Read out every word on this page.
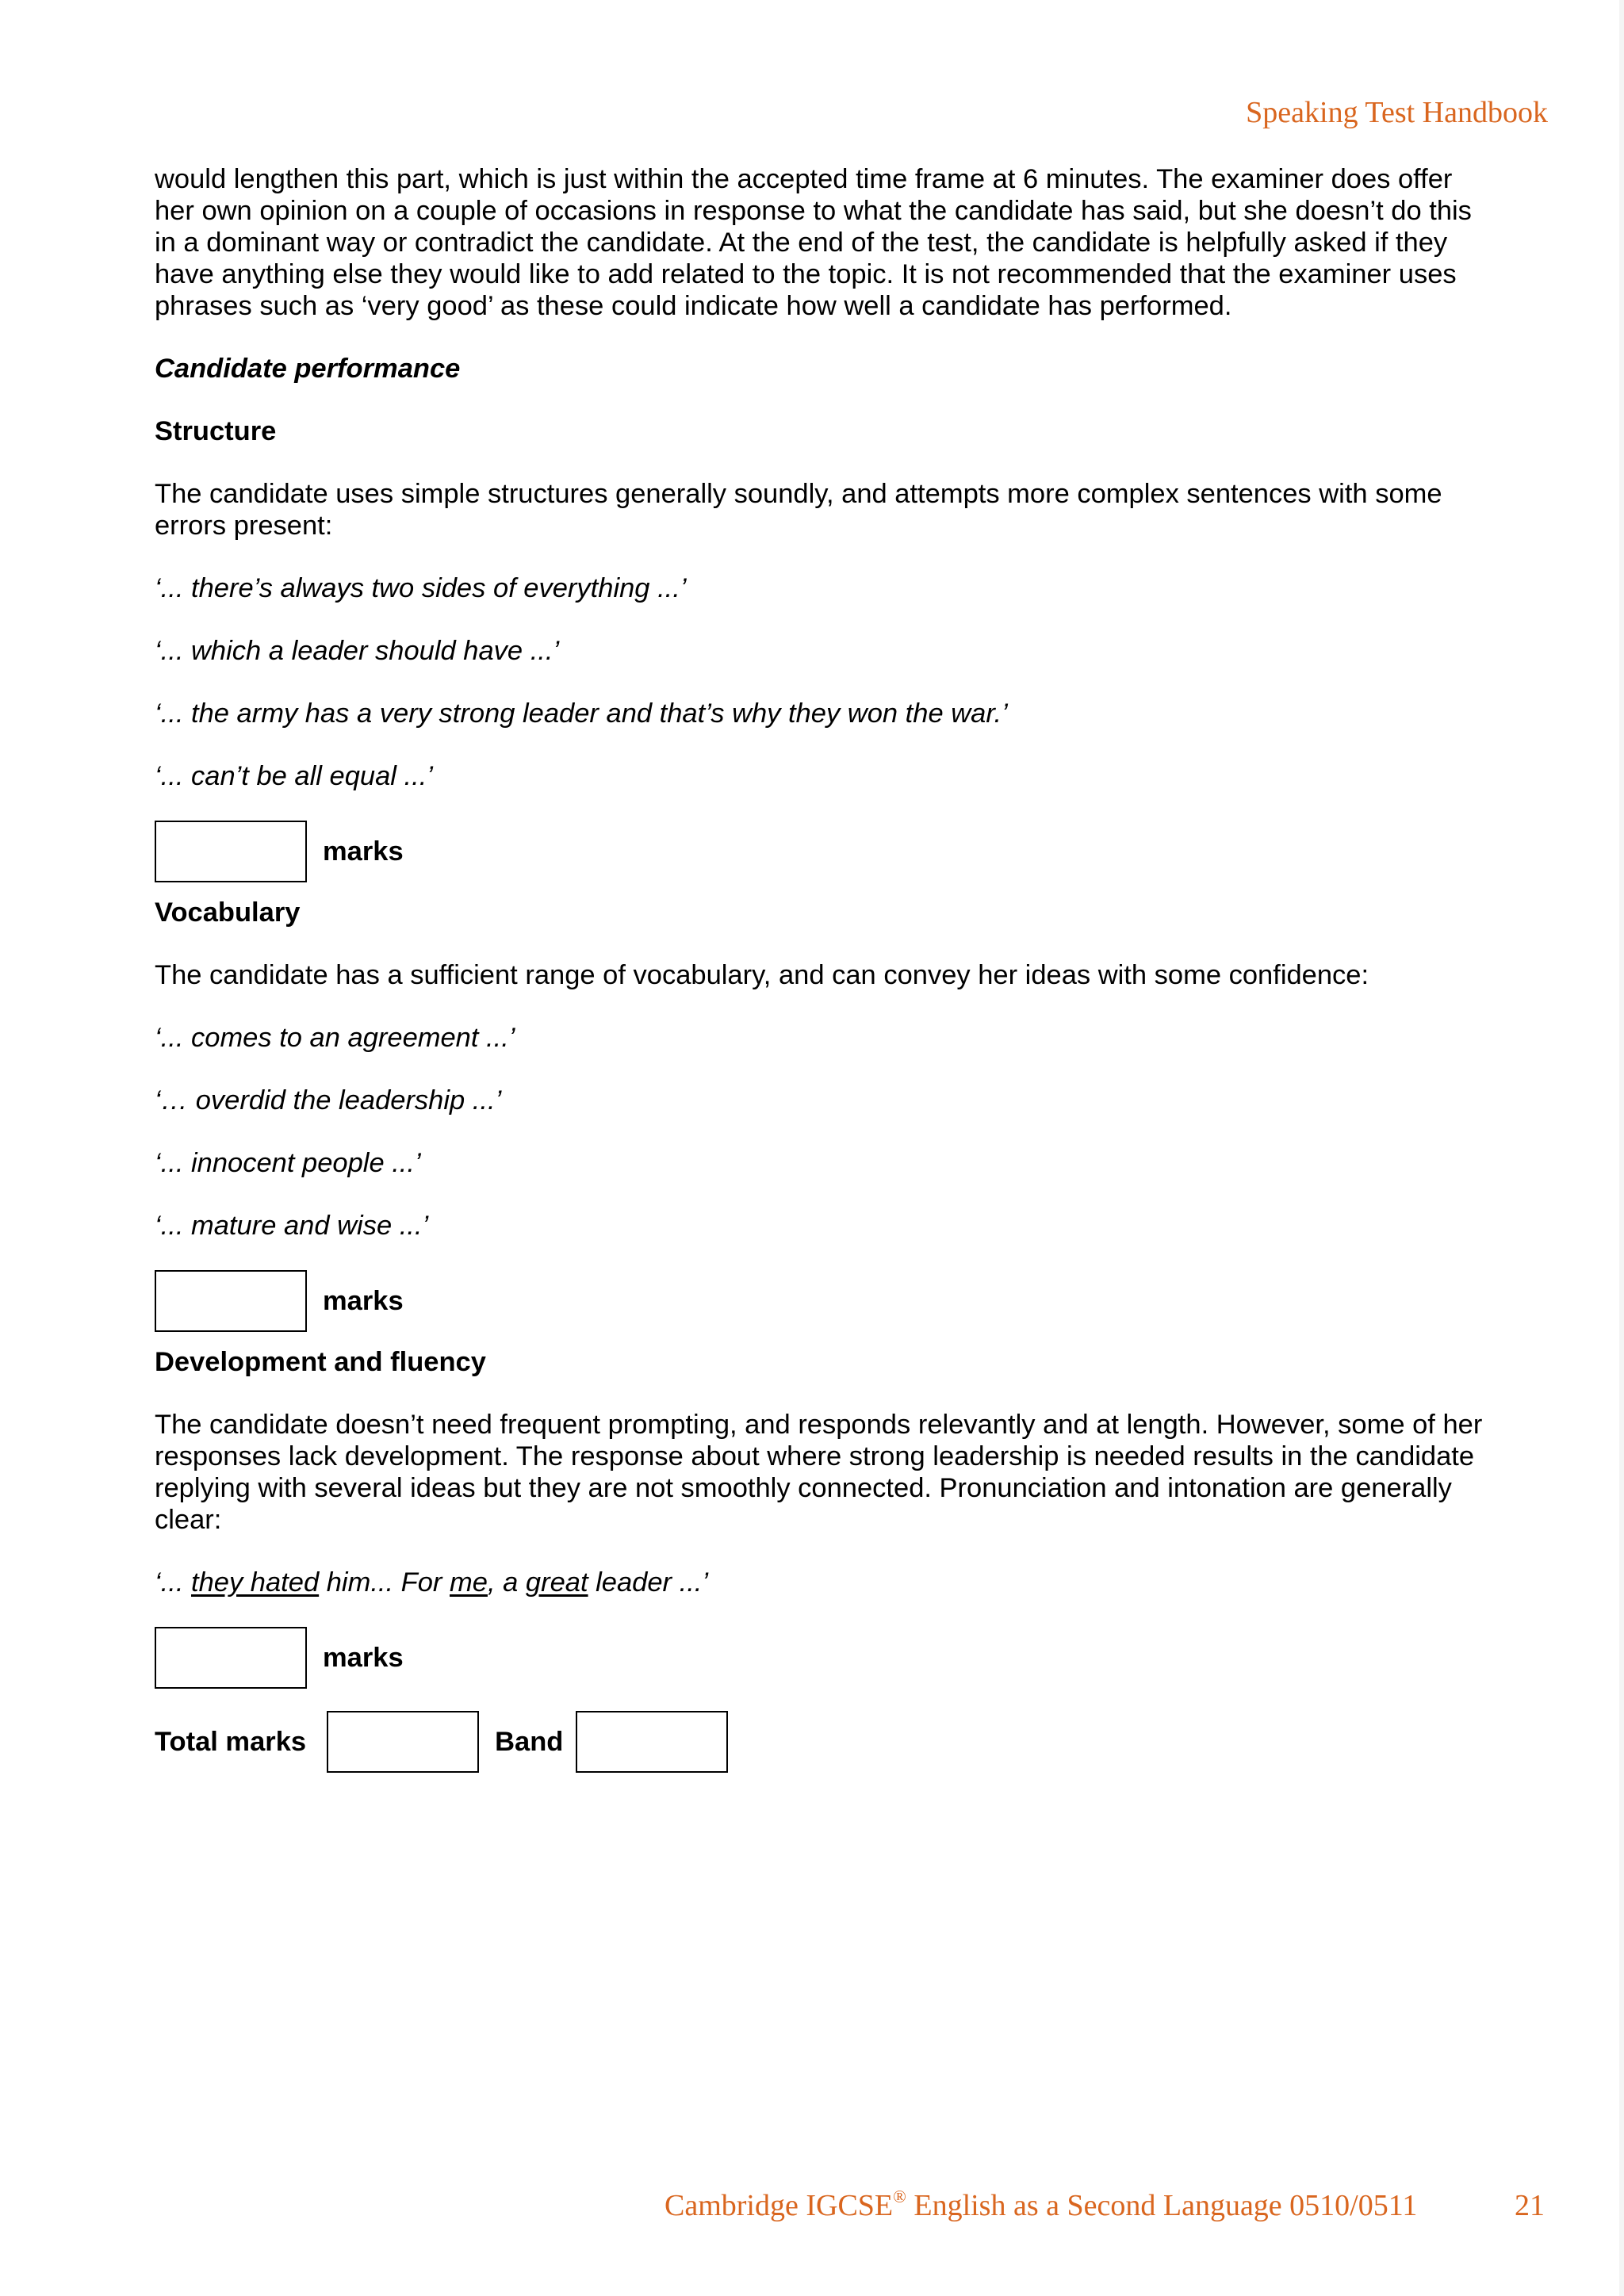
Speaking Test Handbook

would lengthen this part, which is just within the accepted time frame at 6 minutes. The examiner does offer her own opinion on a couple of occasions in response to what the candidate has said, but she doesn’t do this in a dominant way or contradict the candidate. At the end of the test, the candidate is helpfully asked if they have anything else they would like to add related to the topic. It is not recommended that the examiner uses phrases such as ‘very good’ as these could indicate how well a candidate has performed.

Candidate performance

Structure

The candidate uses simple structures generally soundly, and attempts more complex sentences with some errors present:

‘... there’s always two sides of everything ...’

‘... which a leader should have ...’

‘... the army has a very strong leader and that’s why they won the war.’

‘... can’t be all equal ...’

marks

Vocabulary

The candidate has a sufficient range of vocabulary, and can convey her ideas with some confidence:

‘... comes to an agreement ...’

‘… overdid the leadership ...’

‘... innocent people ...’

‘... mature and wise ...’

marks

Development and fluency

The candidate doesn’t need frequent prompting, and responds relevantly and at length. However, some of her responses lack development. The response about where strong leadership is needed results in the candidate replying with several ideas but they are not smoothly connected. Pronunciation and intonation are generally clear:

‘... they hated him... For me, a great leader ...’

marks
Total marks	Band
Cambridge IGCSE® English as a Second Language 0510/0511	21
